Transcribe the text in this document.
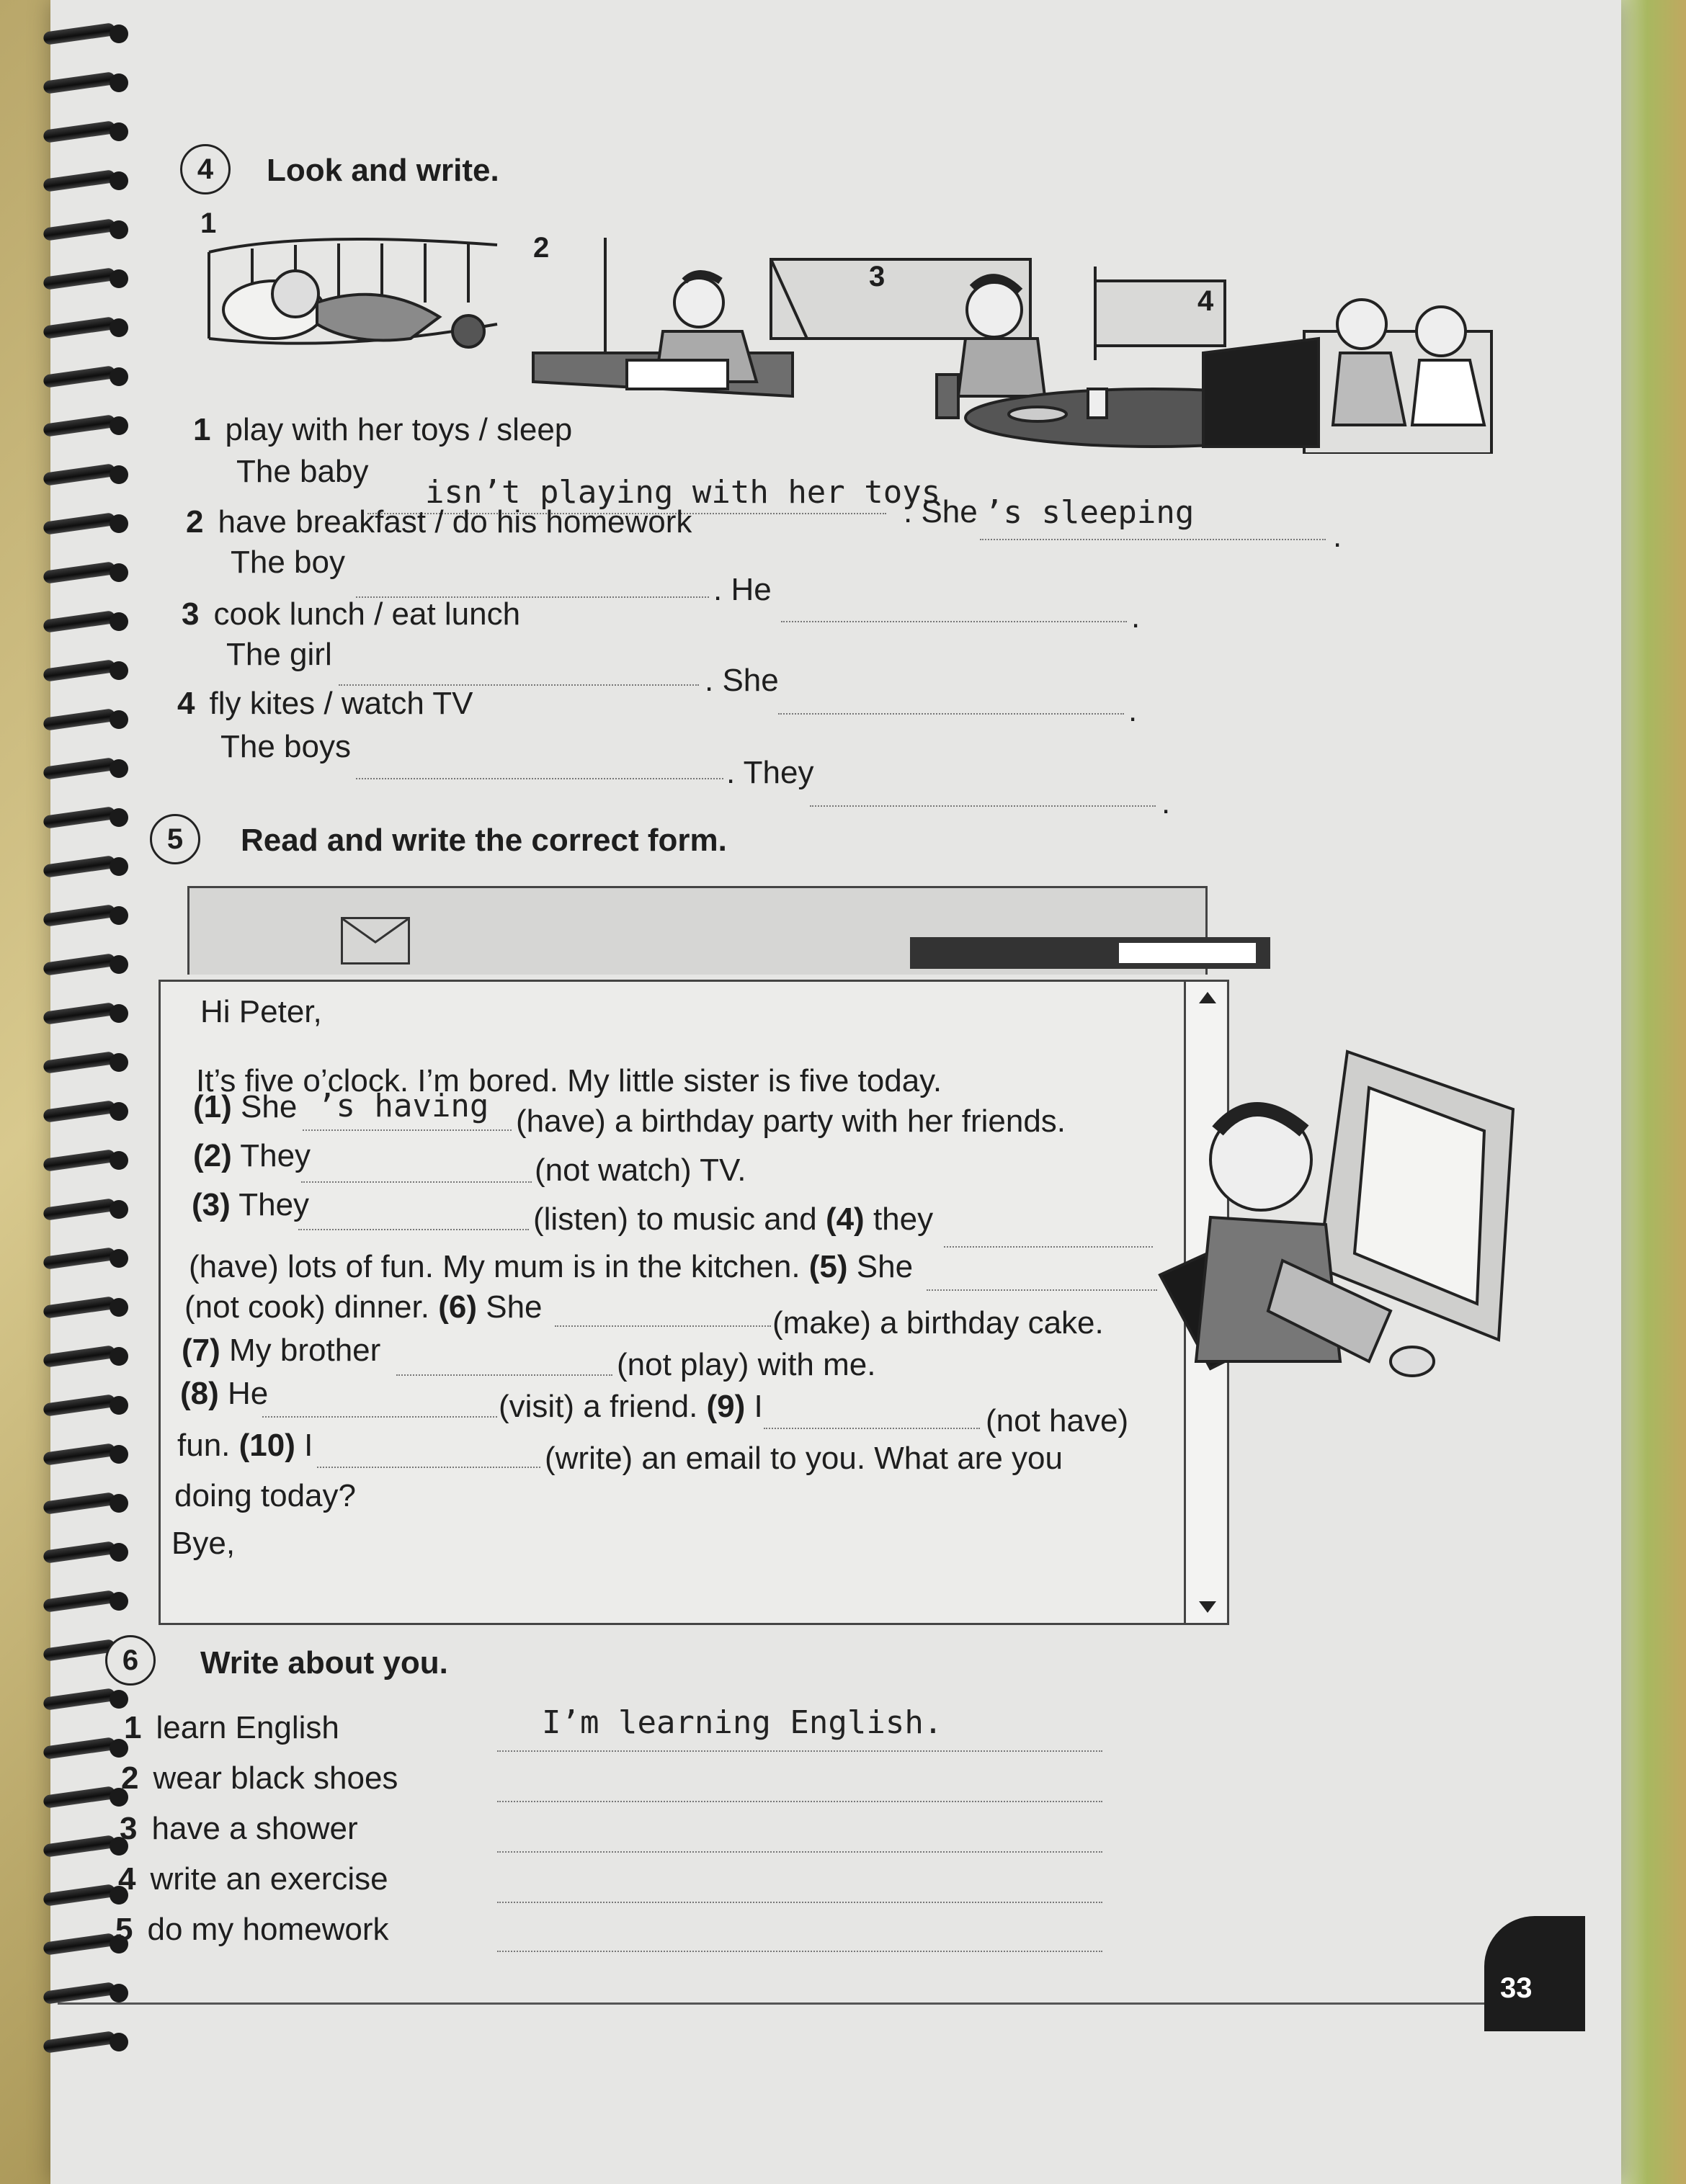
4	Look and write.
1
2
3
4
1 play with her toys / sleep
The baby
isn’t playing with her toys
. She ’s sleeping
.
2 have breakfast / do his homework
The boy
. He
.
3 cook lunch / eat lunch
The girl
. She
.
4 fly kites / watch TV
The boys
. They
.
5	Read and write the correct form.
Hi Peter,
It’s five o’clock. I’m bored. My little sister is five today.
(1) She ’s having (have) a birthday party with her friends.
(2) They	(not watch) TV.
(3) They	(listen) to music and (4) they
(have) lots of fun. My mum is in the kitchen. (5) She
(not cook) dinner. (6) She	(make) a birthday cake.
(7) My brother	(not play) with me.
(8) He	(visit) a friend. (9) I	(not have)
fun. (10) I	(write) an email to you. What are you
doing today?
Bye,
6	Write about you.
1 learn English	I’m learning English.
2 wear black shoes
3 have a shower
4 write an exercise
5 do my homework
33
